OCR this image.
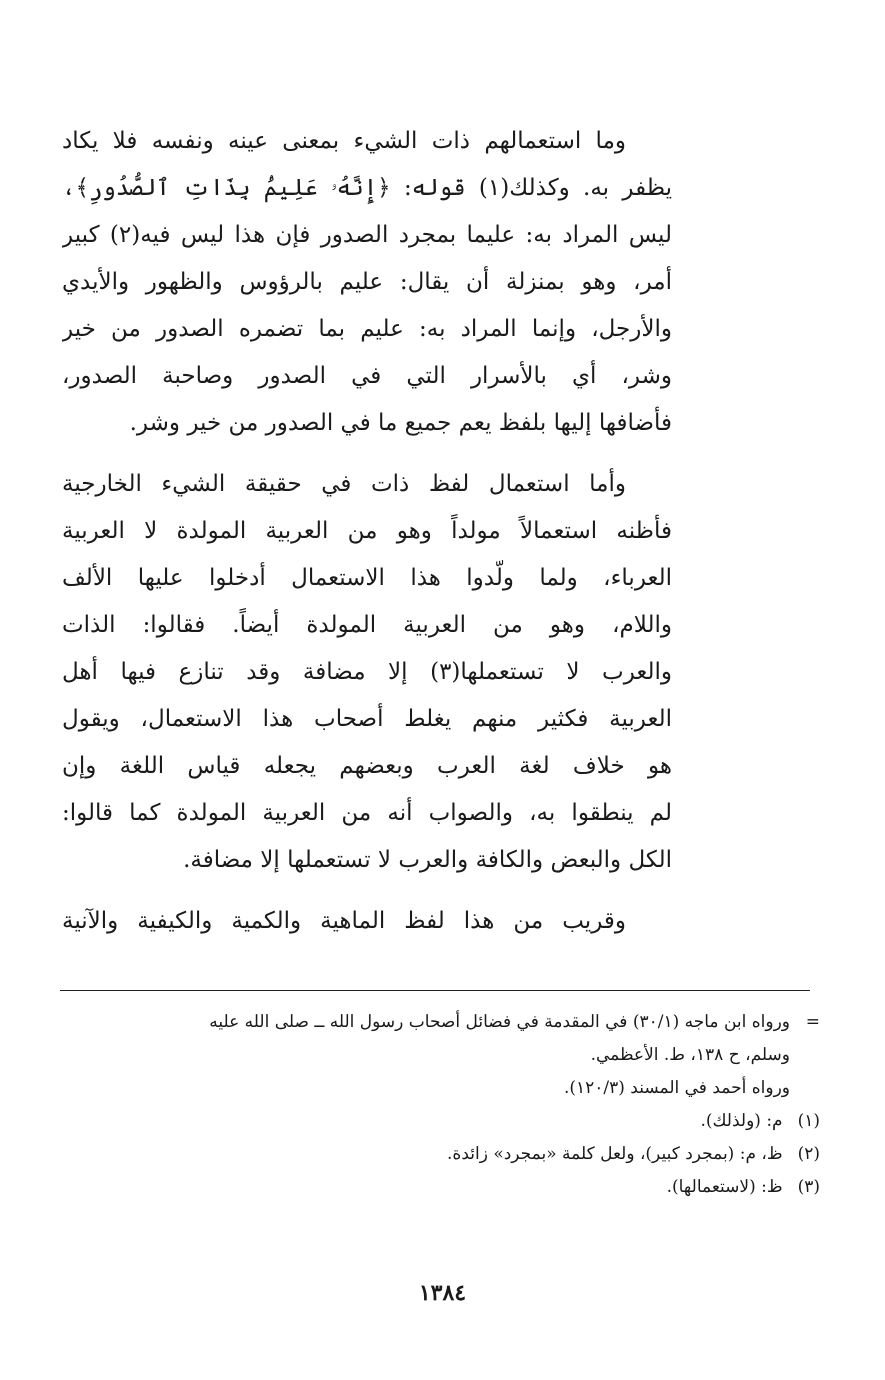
وما استعمالهم ذات الشيء بمعنى عينه ونفسه فلا يكاد
يظفر به. وكذلك(١) قوله: ﴿إِنَّهُۥ عَلِيمُۢ بِذَاتِ ٱلصُّدُورِ﴾،
ليس المراد به: عليما بمجرد الصدور فإن هذا ليس فيه(٢) كبير
أمر، وهو بمنزلة أن يقال: عليم بالرؤوس والظهور والأيدي
والأرجل، وإنما المراد به: عليم بما تضمره الصدور من خير
وشر، أي بالأسرار التي في الصدور وصاحبة الصدور،
فأضافها إليها بلفظ يعم جميع ما في الصدور من خير وشر.
وأما استعمال لفظ ذات في حقيقة الشيء الخارجية
فأظنه استعمالاً مولداً وهو من العربية المولدة لا العربية
العرباء، ولما ولّدوا هذا الاستعمال أدخلوا عليها الألف
واللام، وهو من العربية المولدة أيضاً. فقالوا: الذات
والعرب لا تستعملها(٣) إلا مضافة وقد تنازع فيها أهل
العربية فكثير منهم يغلط أصحاب هذا الاستعمال، ويقول
هو خلاف لغة العرب وبعضهم يجعله قياس اللغة وإن
لم ينطقوا به، والصواب أنه من العربية المولدة كما قالوا:
الكل والبعض والكافة والعرب لا تستعملها إلا مضافة.
وقريب من هذا لفظ الماهية والكمية والكيفية والآنية
=ورواه ابن ماجه (٣٠/١) في المقدمة في فضائل أصحاب رسول الله ــ صلى الله عليه
وسلم، ح ١٣٨، ط. الأعظمي.
ورواه أحمد في المسند (١٢٠/٣).
(١) م: (ولذلك).
(٢) ظ، م: (بمجرد كبير)، ولعل كلمة «بمجرد» زائدة.
(٣) ظ: (لاستعمالها).
١٣٨٤
